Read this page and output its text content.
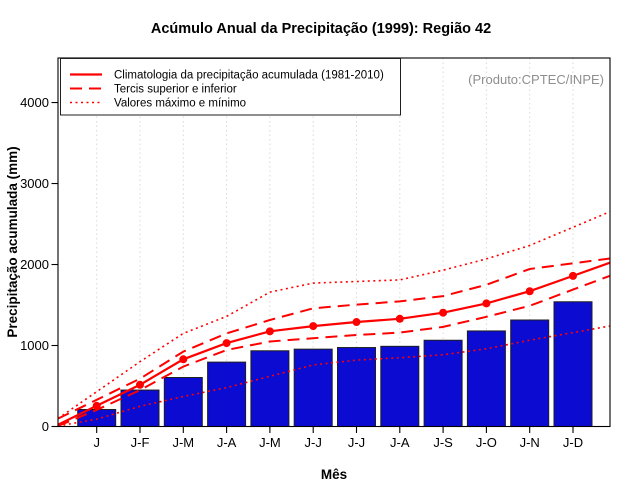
J J-F J-M J-A J-M J-J J-J J-A J-S J-O J-N J-D
0
1000
2000
3000
4000
Acúmulo Anual da Precipitação (1999): Região 42
(Produto:CPTEC/INPE)
Mês
Precipitação acumulada (mm)
Climatologia da precipitação acumulada (1981-2010)
Tercis superior e inferior
Valores máximo e mínimo
